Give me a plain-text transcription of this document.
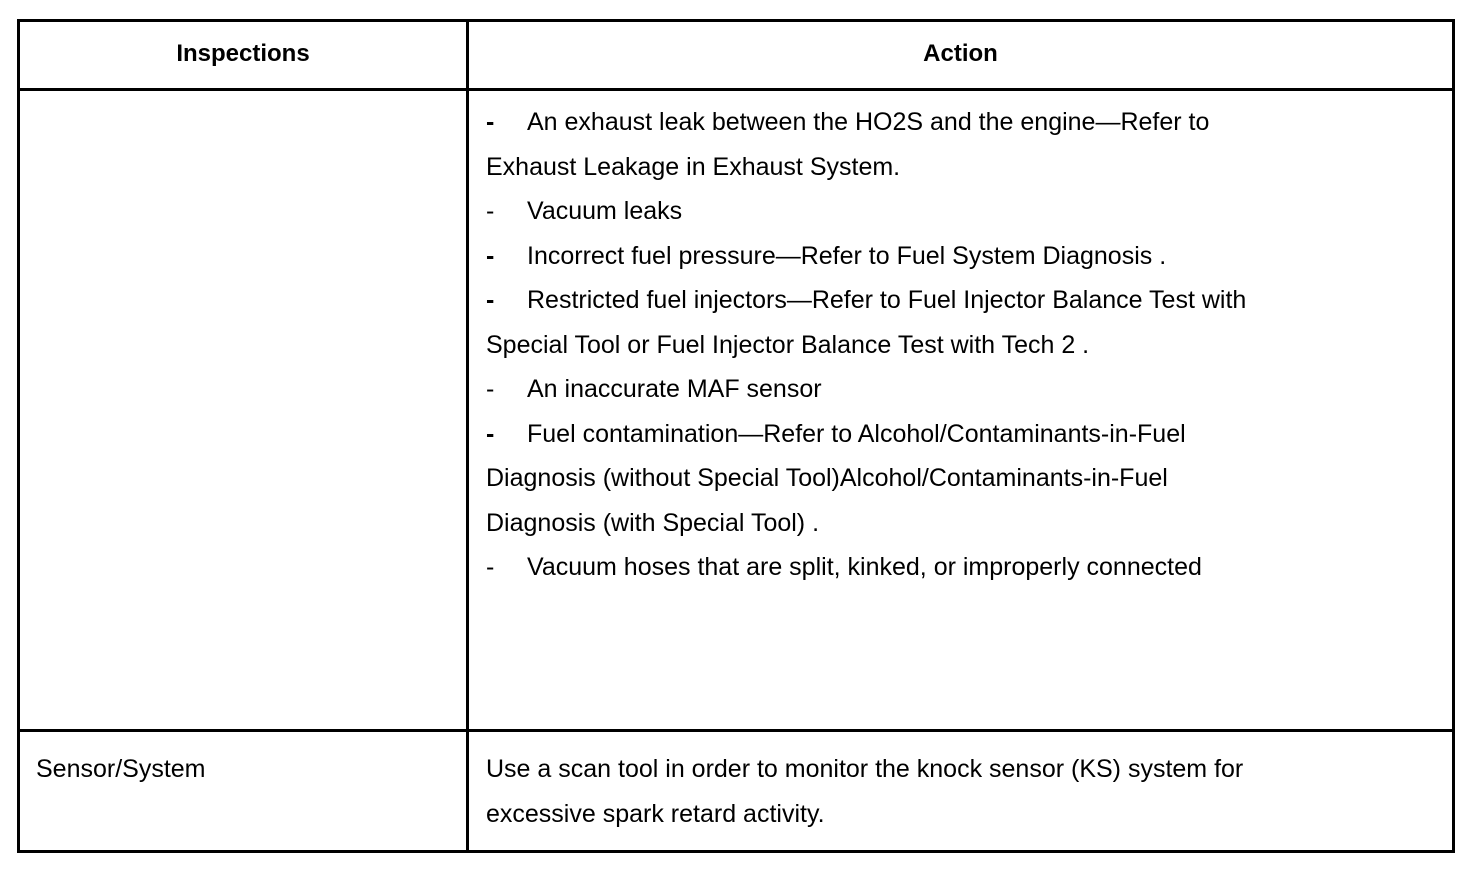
Inspections	Action
- An exhaust leak between the HO2S and the engine—Refer to
Exhaust Leakage in Exhaust System.
- Vacuum leaks
- Incorrect fuel pressure—Refer to Fuel System Diagnosis .
- Restricted fuel injectors—Refer to Fuel Injector Balance Test with
Special Tool or Fuel Injector Balance Test with Tech 2 .
- An inaccurate MAF sensor
- Fuel contamination—Refer to Alcohol/Contaminants-in-Fuel
Diagnosis (without Special Tool)Alcohol/Contaminants-in-Fuel
Diagnosis (with Special Tool) .
- Vacuum hoses that are split, kinked, or improperly connected
Sensor/System	Use a scan tool in order to monitor the knock sensor (KS) system for
excessive spark retard activity.
